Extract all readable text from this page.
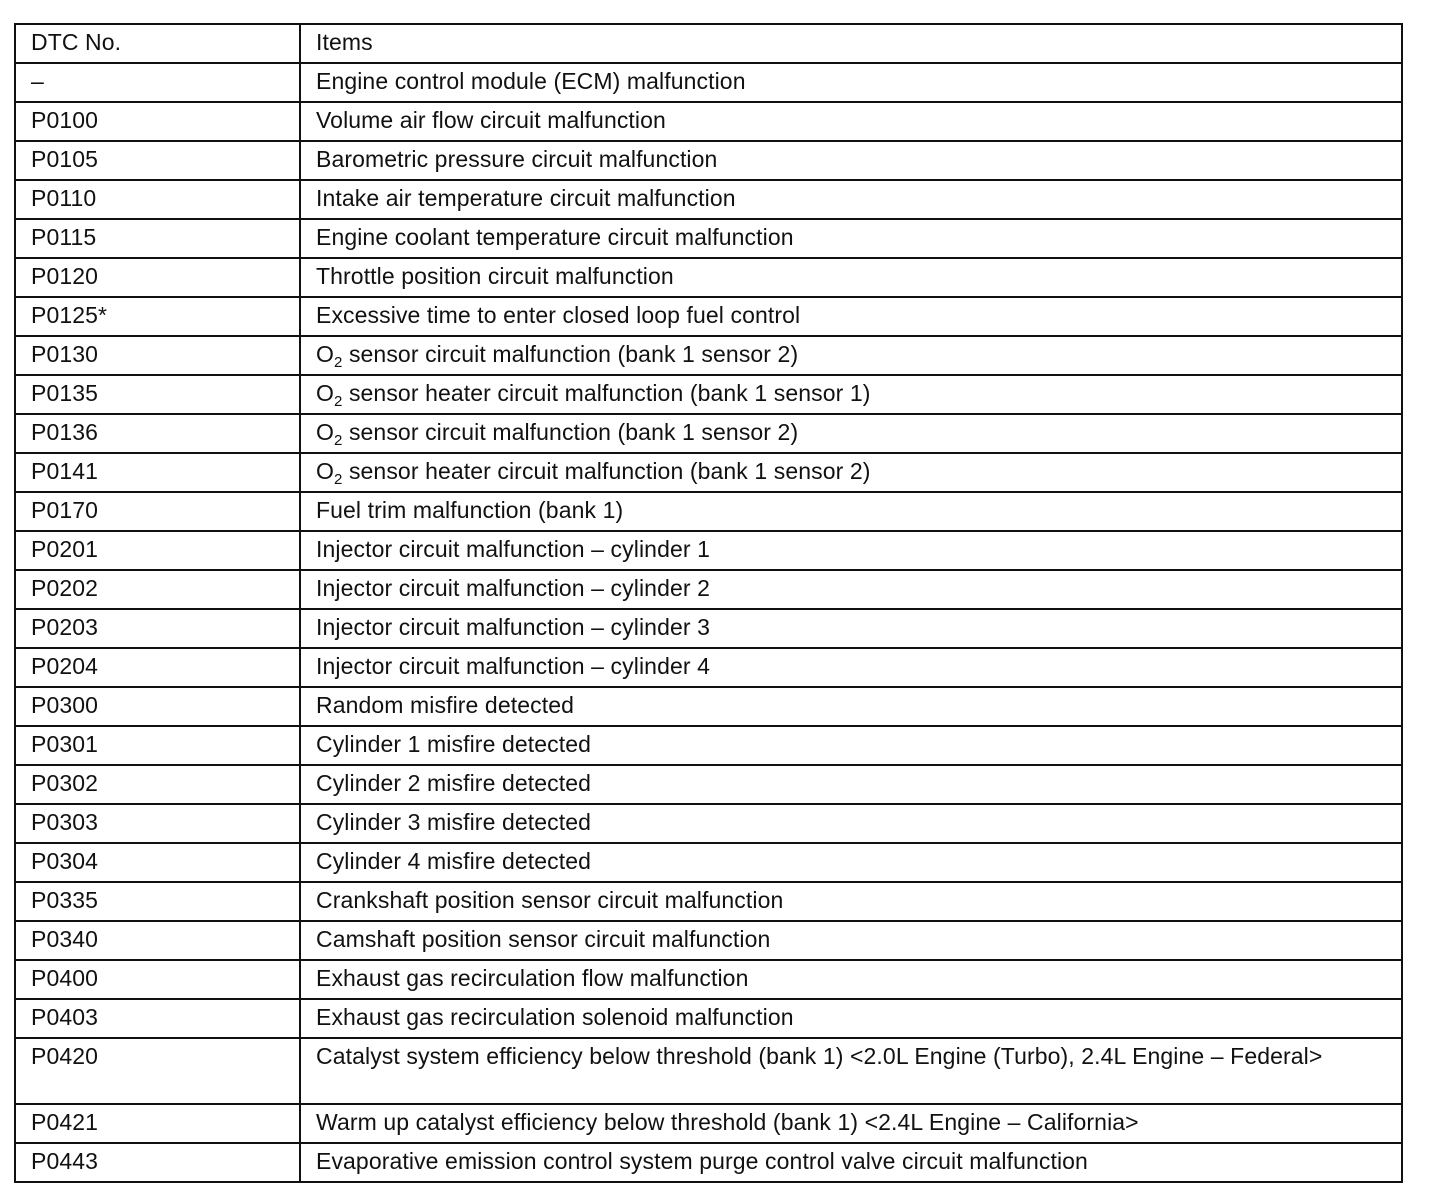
DTC No.	Items

–	Engine control module (ECM) malfunction

P0100	Volume air flow circuit malfunction

P0105	Barometric pressure circuit malfunction

P0110	Intake air temperature circuit malfunction

P0115	Engine coolant temperature circuit malfunction

P0120	Throttle position circuit malfunction

P0125*	Excessive time to enter closed loop fuel control

P0130	$O_2$ sensor circuit malfunction (bank 1 sensor 2)

P0135	$O_2$ sensor heater circuit malfunction (bank 1 sensor 1)

P0136	$O_2$ sensor circuit malfunction (bank 1 sensor 2)

P0141	$O_2$ sensor heater circuit malfunction (bank 1 sensor 2)

P0170	Fuel trim malfunction (bank 1)

P0201	Injector circuit malfunction – cylinder 1

P0202	Injector circuit malfunction – cylinder 2

P0203	Injector circuit malfunction – cylinder 3

P0204	Injector circuit malfunction – cylinder 4

P0300	Random misfire detected

P0301	Cylinder 1 misfire detected

P0302	Cylinder 2 misfire detected

P0303	Cylinder 3 misfire detected

P0304	Cylinder 4 misfire detected

P0335	Crankshaft position sensor circuit malfunction

P0340	Camshaft position sensor circuit malfunction

P0400	Exhaust gas recirculation flow malfunction

P0403	Exhaust gas recirculation solenoid malfunction

P0420	Catalyst system efficiency below threshold (bank 1) <2.0L Engine (Turbo), 2.4L Engine – Federal>

P0421	Warm up catalyst efficiency below threshold (bank 1) <2.4L Engine – California>

P0443	Evaporative emission control system purge control valve circuit malfunction
